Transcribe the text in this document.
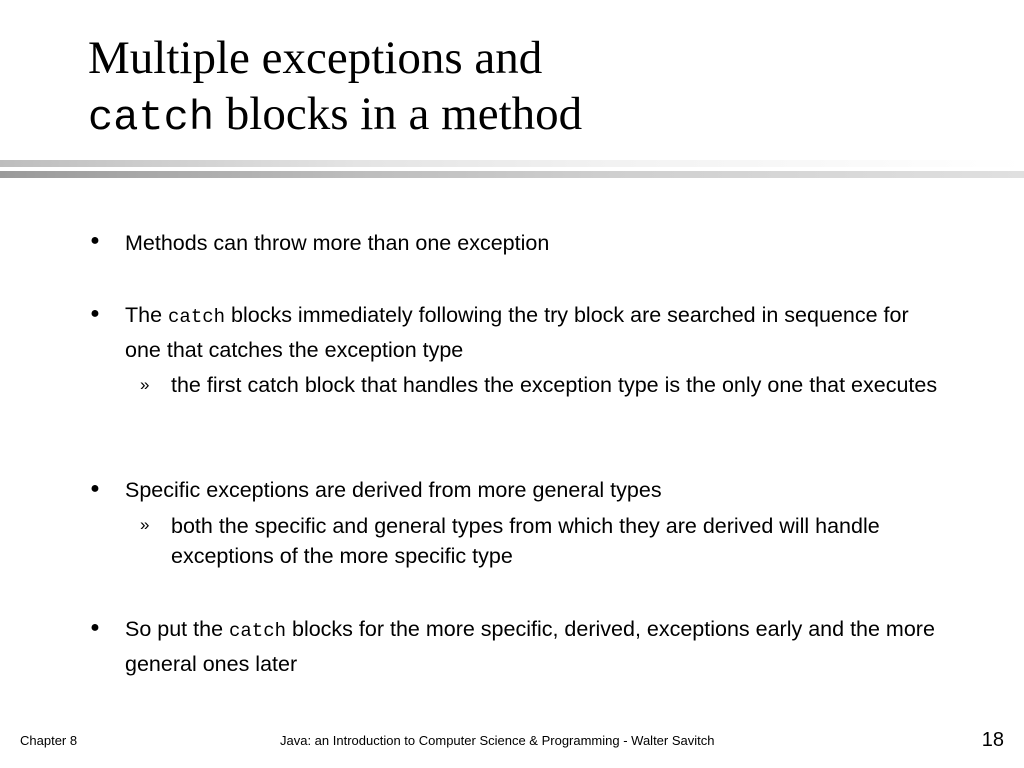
Multiple exceptions and
catch blocks in a method
● Methods can throw more than one exception
● The catch blocks immediately following the try block are searched in sequence for one that catches the exception type
» the first catch block that handles the exception type is the only one that executes
● Specific exceptions are derived from more general types
» both the specific and general types from which they are derived will handle exceptions of the more specific type
● So put the catch blocks for the more specific, derived, exceptions early and the more general ones later
Chapter 8	Java: an Introduction to Computer Science & Programming - Walter Savitch	18
